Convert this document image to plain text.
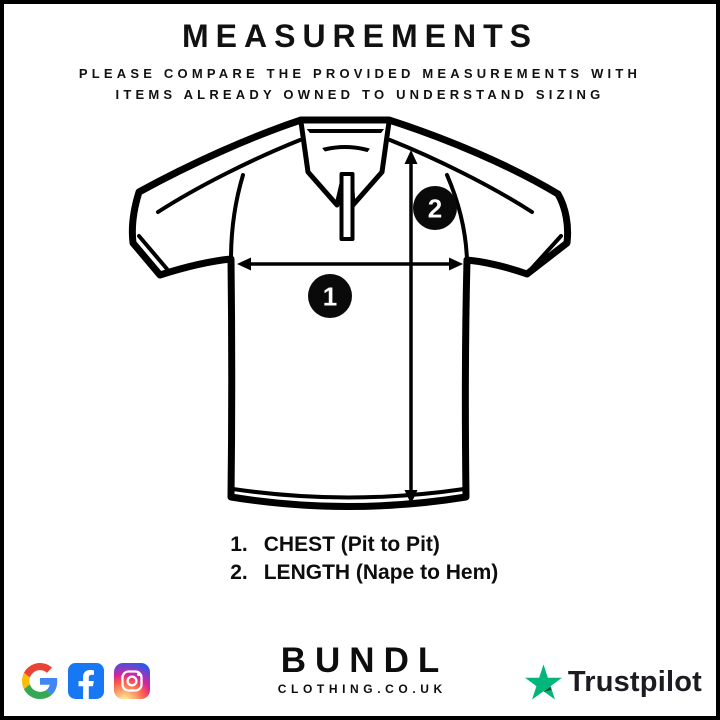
MEASUREMENTS

PLEASE COMPARE THE PROVIDED MEASUREMENTS WITH
ITEMS ALREADY OWNED TO UNDERSTAND SIZING

1
2
1. CHEST (Pit to Pit)
2. LENGTH (Nape to Hem)

BUNDL

CLOTHING.CO.UK	Trustpilot
